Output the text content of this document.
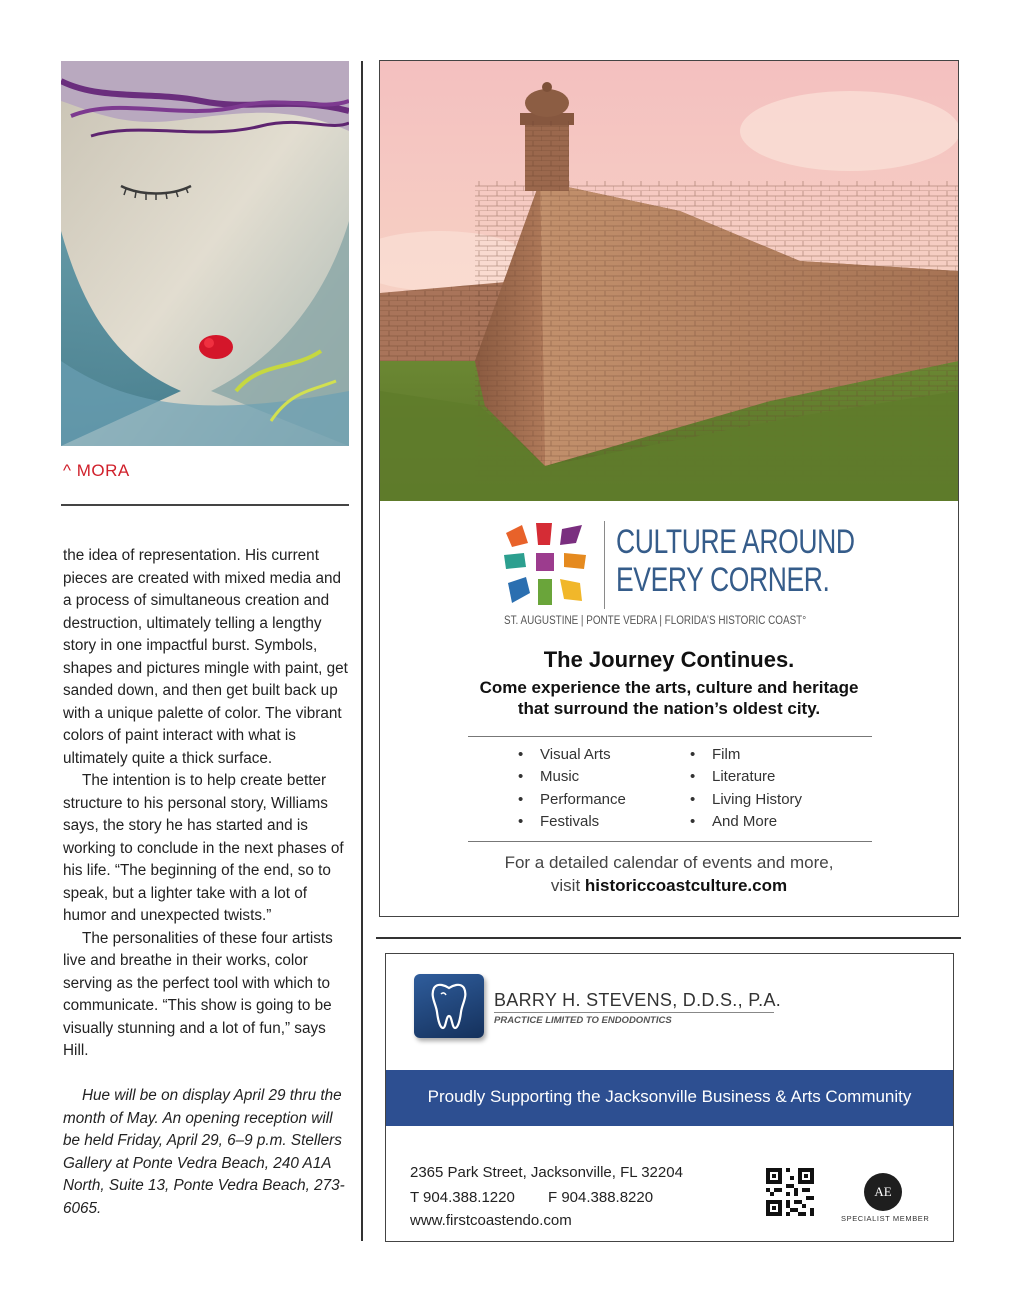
^ MORA

the idea of representation. His current pieces are created with mixed media and a process of simultaneous creation and destruction, ultimately telling a lengthy story in one impactful burst. Symbols, shapes and pictures mingle with paint, get sanded down, and then get built back up with a unique palette of color. The vibrant colors of paint interact with what is ultimately quite a thick surface.

The intention is to help create better structure to his personal story, Williams says, the story he has started and is working to conclude in the next phases of his life. “The beginning of the end, so to speak, but a lighter take with a lot of humor and unexpected twists.”

The personalities of these four artists live and breathe in their works, color serving as the perfect tool with which to communicate. “This show is going to be visually stunning and a lot of fun,” says Hill.

Hue will be on display April 29 thru the month of May. An opening reception will be held Friday, April 29, 6–9 p.m. Stellers Gallery at Ponte Vedra Beach, 240 A1A North, Suite 13, Ponte Vedra Beach, 273-6065.

CULTURE AROUND
EVERY CORNER.
ST. AUGUSTINE | PONTE VEDRA | FLORIDA’S HISTORIC COAST°
The Journey Continues.
Come experience the arts, culture and heritage
that surround the nation’s oldest city.
• Visual Arts
• Music
• Performance
• Festivals
• Film
• Literature
• Living History
• And More
For a detailed calendar of events and more,
visit historiccoastculture.com
BARRY H. STEVENS, D.D.S., P.A.
PRACTICE LIMITED TO ENDODONTICS
Proudly Supporting the Jacksonville Business & Arts Community
2365 Park Street, Jacksonville, FL 32204
T 904.388.1220 F 904.388.8220
www.firstcoastendo.com
AE
SPECIALIST MEMBER
